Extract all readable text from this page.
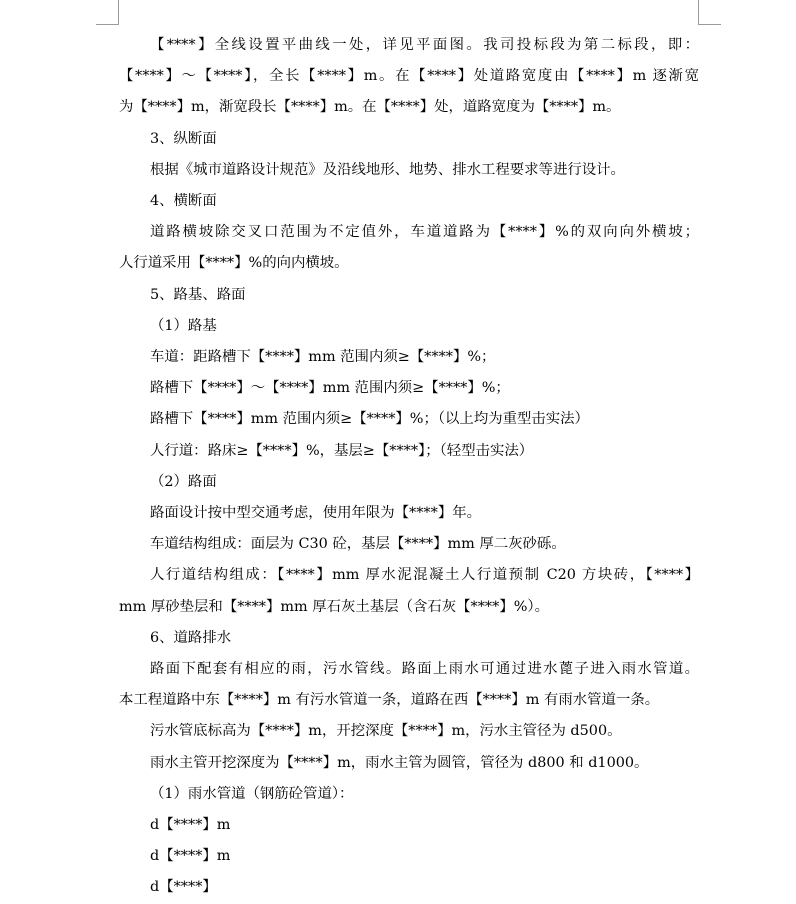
【****】全线设置平曲线一处，详见平面图。我司投标段为第二标段，即：

【****】～【****】，全长【****】m。在【****】处道路宽度由【****】m 逐渐宽

为【****】m，渐宽段长【****】m。在【****】处，道路宽度为【****】m。

3、纵断面

根据《城市道路设计规范》及沿线地形、地势、排水工程要求等进行设计。

4、横断面

道路横坡除交叉口范围为不定值外，车道道路为【****】%的双向向外横坡；

人行道采用【****】%的向内横坡。

5、路基、路面

（1）路基

车道：距路槽下【****】mm 范围内须≥【****】%；

路槽下【****】～【****】mm 范围内须≥【****】%；

路槽下【****】mm 范围内须≥【****】%；（以上均为重型击实法）

人行道：路床≥【****】%，基层≥【****】；（轻型击实法）

（2）路面

路面设计按中型交通考虑，使用年限为【****】年。

车道结构组成：面层为 C30 砼，基层【****】mm 厚二灰砂砾。

人行道结构组成：【****】mm 厚水泥混凝土人行道预制 C20 方块砖，【****】

mm 厚砂垫层和【****】mm 厚石灰土基层（含石灰【****】%）。

6、道路排水

路面下配套有相应的雨，污水管线。路面上雨水可通过进水蓖子进入雨水管道。

本工程道路中东【****】m 有污水管道一条，道路在西【****】m 有雨水管道一条。

污水管底标高为【****】m，开挖深度【****】m，污水主管径为 d500。

雨水主管开挖深度为【****】m，雨水主管为圆管，管径为 d800 和 d1000。

（1）雨水管道（钢筋砼管道）：

d【****】m

d【****】m

d【****】
